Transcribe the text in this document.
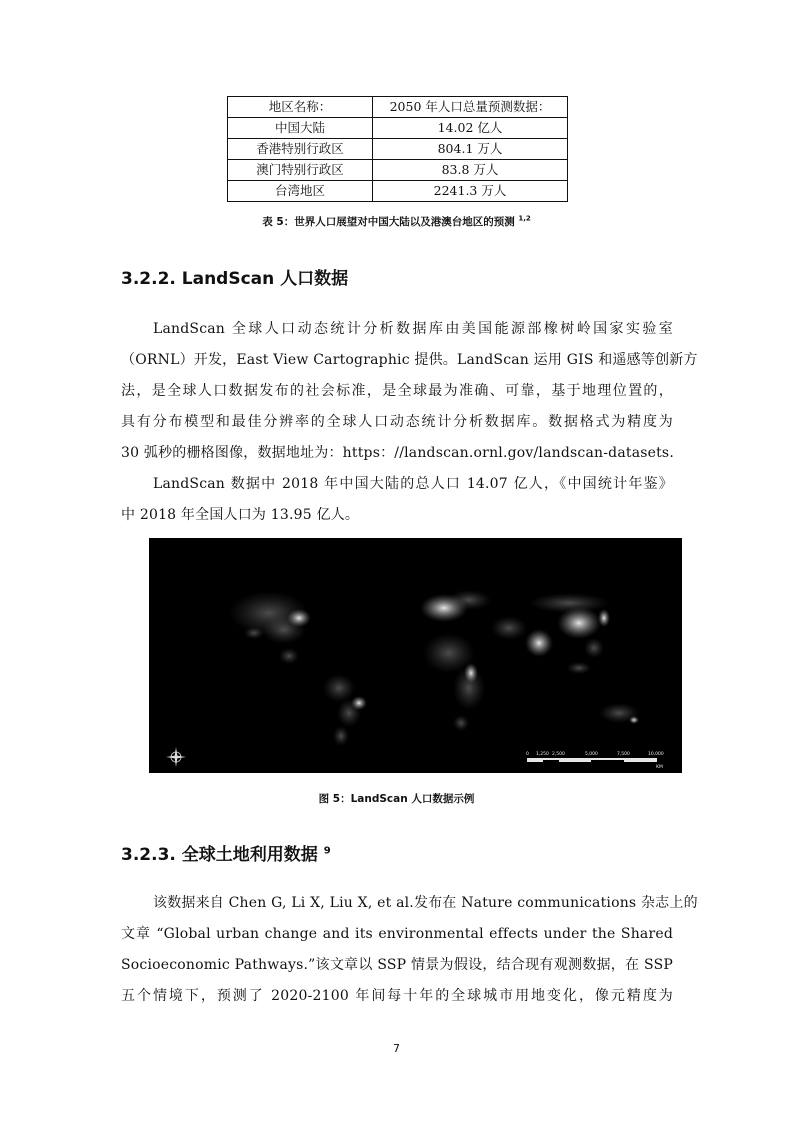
地区名称：	2050 年人口总量预测数据：
中国大陆	14.02 亿人
香港特别行政区	804.1 万人
澳门特别行政区	83.8 万人
台湾地区	2241.3 万人
表 5：世界人口展望对中国大陆以及港澳台地区的预测 $^{1,2}$
3.2.2. LandScan 人口数据
LandScan 全球人口动态统计分析数据库由美国能源部橡树岭国家实验室
（ORNL）开发，East View Cartographic 提供。LandScan 运用 GIS 和遥感等创新方
法，是全球人口数据发布的社会标准，是全球最为准确、可靠，基于地理位置的，
具有分布模型和最佳分辨率的全球人口动态统计分析数据库。数据格式为精度为
30 弧秒的栅格图像，数据地址为：https：//landscan.ornl.gov/landscan-datasets.
LandScan 数据中 2018 年中国大陆的总人口 14.07 亿人，《中国统计年鉴》
中 2018 年全国人口为 13.95 亿人。
0 1,250 2,500	5,000	7,500	10,000
KM
图 5：LandScan 人口数据示例
3.2.3. 全球土地利用数据 $^9$
该数据来自 Chen G, Li X, Liu X, et al.发布在 Nature communications 杂志上的
文章 “Global urban change and its environmental effects under the Shared
Socioeconomic Pathways.”该文章以 SSP 情景为假设，结合现有观测数据，在 SSP
五个情境下，预测了 2020-2100 年间每十年的全球城市用地变化，像元精度为
7
